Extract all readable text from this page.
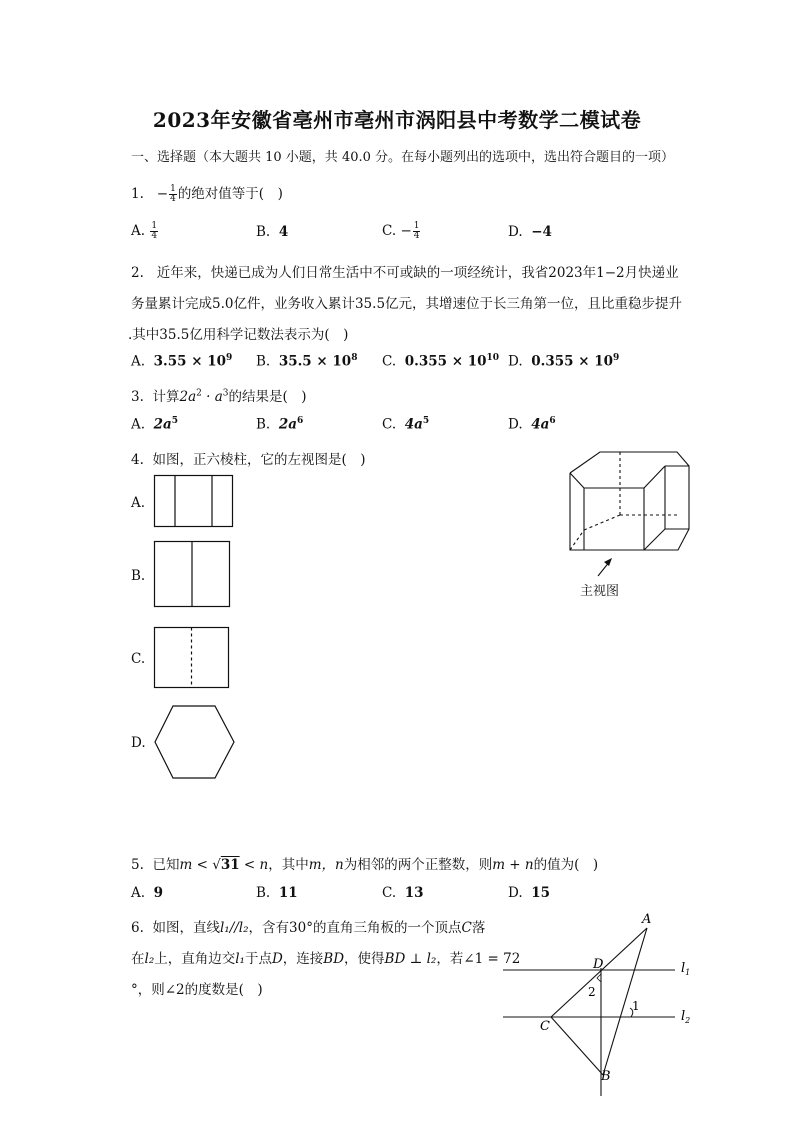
2023年安徽省亳州市亳州市涡阳县中考数学二模试卷
一、选择题（本大题共 10 小题，共 40.0 分。在每小题列出的选项中，选出符合题目的一项）
1. − $\frac{1}{4}$ 的绝对值等于(　)
A. $\frac{1}{4}$	B. 4	C. − $\frac{1}{4}$	D. −4
2. 近年来，快递已成为人们日常生活中不可或缺的一项经统计，我省2023年1−2月快递业
务量累计完成5.0亿件，业务收入累计35.5亿元，其增速位于长三角第一位，且比重稳步提升
.其中35.5亿用科学记数法表示为(　)
A. $3.55 \times 10^9$ B. $35.5 \times 10^8$ C. $0.355 \times 10^{10}$ D. $0.355 \times 10^9$
3. 计算$2a^2 \cdot a^3$的结果是(　)
A. $2a^5$	B. $2a^6$	C. $4a^5$	D. $4a^6$
4. 如图，正六棱柱，它的左视图是(　)
A.
B.
C.
D.
主视图
5. 已知m < √31 < n，其中m，n为相邻的两个正整数，则m + n的值为(　)
A. 9	B. 11	C. 13	D. 15
6. 如图，直线l₁//l₂，含有30°的直角三角板的一个顶点C落
在l₂上，直角边交l₁于点D，连接BD，使得BD ⊥ l₂，若∠1 = 72
°，则∠2的度数是(　)
A
D
C
B
1
2
$l_1$
$l_2$
